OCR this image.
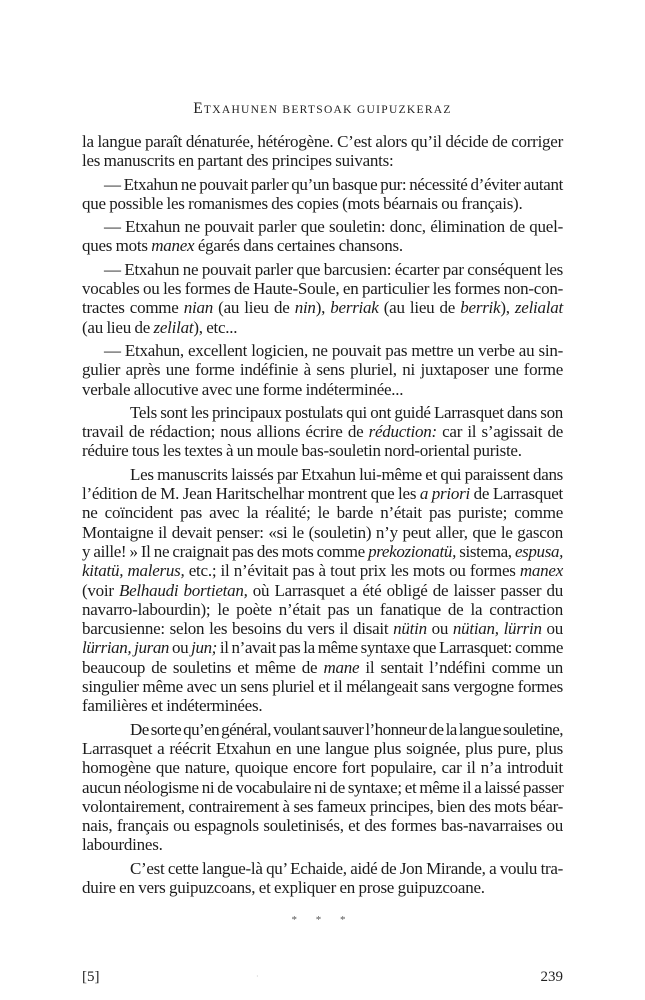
ETXAHUNEN BERTSOAK GUIPUZKERAZ
la langue paraît dénaturée, hétérogène. C’est alors qu’il décide de corriger
les manuscrits en partant des principes suivants:
— Etxahun ne pouvait parler qu’un basque pur: nécessité d’éviter autant
que possible les romanismes des copies (mots béarnais ou français).
— Etxahun ne pouvait parler que souletin: donc, élimination de quel-
ques mots manex égarés dans certaines chansons.
— Etxahun ne pouvait parler que barcusien: écarter par conséquent les
vocables ou les formes de Haute-Soule, en particulier les formes non-con-
tractes comme nian (au lieu de nin), berriak (au lieu de berrik), zelialat
(au lieu de zelilat), etc...
— Etxahun, excellent logicien, ne pouvait pas mettre un verbe au sin-
gulier après une forme indéfinie à sens pluriel, ni juxtaposer une forme
verbale allocutive avec une forme indéterminée...
Tels sont les principaux postulats qui ont guidé Larrasquet dans son
travail de rédaction; nous allions écrire de réduction: car il s’agissait de
réduire tous les textes à un moule bas-souletin nord-oriental puriste.
Les manuscrits laissés par Etxahun lui-même et qui paraissent dans
l’édition de M. Jean Haritschelhar montrent que les a priori de Larrasquet
ne coïncident pas avec la réalité; le barde n’était pas puriste; comme
Montaigne il devait penser: «si le (souletin) n’y peut aller, que le gascon
y aille! » Il ne craignait pas des mots comme prekozionatü, sistema, espusa,
kitatü, malerus, etc.; il n’évitait pas à tout prix les mots ou formes manex
(voir Belhaudi bortietan, où Larrasquet a été obligé de laisser passer du
navarro-labourdin); le poète n’était pas un fanatique de la contraction
barcusienne: selon les besoins du vers il disait nütin ou nütian, lürrin ou
lürrian, juran ou jun; il n’avait pas la même syntaxe que Larrasquet: comme
beaucoup de souletins et même de mane il sentait l’ndéfini comme un
singulier même avec un sens pluriel et il mélangeait sans vergogne formes
familières et indéterminées.
De sorte qu’en général, voulant sauver l’honneur de la langue souletine,
Larrasquet a réécrit Etxahun en une langue plus soignée, plus pure, plus
homogène que nature, quoique encore fort populaire, car il n’a introduit
aucun néologisme ni de vocabulaire ni de syntaxe; et même il a laissé passer
volontairement, contrairement à ses fameux principes, bien des mots béar-
nais, français ou espagnols souletinisés, et des formes bas-navarraises ou
labourdines.
C’est cette langue-là qu’ Echaide, aidé de Jon Mirande, a voulu tra-
duire en vers guipuzcoans, et expliquer en prose guipuzcoane.
* * *
[5]	·	239
